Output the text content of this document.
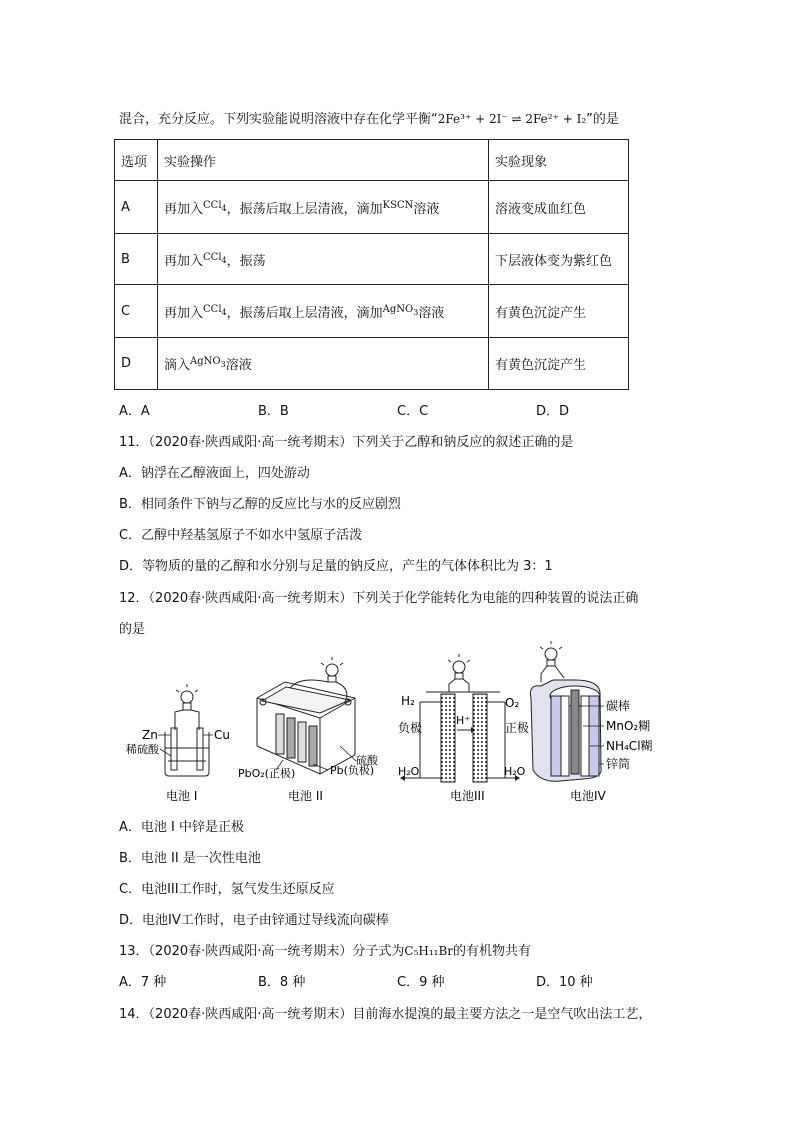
混合，充分反应。下列实验能说明溶液中存在化学平衡“2Fe³⁺ + 2I⁻ ⇌ 2Fe²⁺ + I₂”的是
选项	实验操作	实验现象
A	再加入$^{CCl_4}$，振荡后取上层清液，滴加$^{KSCN}$溶液	溶液变成血红色
B	再加入$^{CCl_4}$，振荡	下层液体变为紫红色
C	再加入$^{CCl_4}$，振荡后取上层清液，滴加$^{AgNO_3}$溶液	有黄色沉淀产生
D	滴入$^{AgNO_3}$溶液	有黄色沉淀产生
A．A	B．B	C．C	D．D
11．（2020春·陕西咸阳·高一统考期末）下列关于乙醇和钠反应的叙述正确的是
A．钠浮在乙醇液面上，四处游动
B．相同条件下钠与乙醇的反应比与水的反应剧烈
C．乙醇中羟基氢原子不如水中氢原子活泼
D．等物质的量的乙醇和水分别与足量的钠反应，产生的气体体积比为 3：1
12．（2020春·陕西咸阳·高一统考期末）下列关于化学能转化为电能的四种装置的说法正确
的是
Zn	Cu
稀硫酸
电池 I
硫酸
PbO₂(正极)	Pb(负极)
电池 II
H₂	O₂
负极	正极
H⁺
H₂O	H₂O
电池III
碳棒
MnO₂糊
NH₄Cl糊
锌筒
电池IV
A．电池 I 中锌是正极
B．电池 II 是一次性电池
C．电池III工作时，氢气发生还原反应
D．电池IV工作时，电子由锌通过导线流向碳棒
13．（2020春·陕西咸阳·高一统考期末）分子式为C₅H₁₁Br的有机物共有
A．7 种	B．8 种	C．9 种	D．10 种
14．（2020春·陕西咸阳·高一统考期末）目前海水提溴的最主要方法之一是空气吹出法工艺，
